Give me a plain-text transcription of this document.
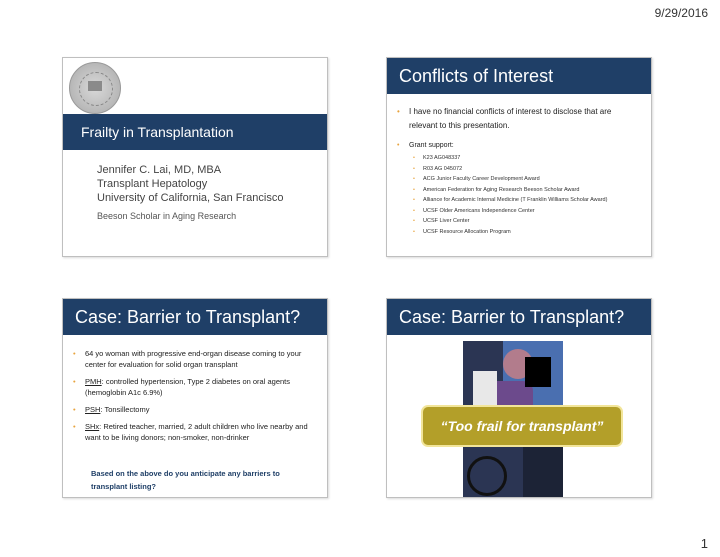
9/29/2016
Frailty in Transplantation
Jennifer C. Lai, MD, MBA
Transplant Hepatology
University of California, San Francisco
Beeson Scholar in Aging Research
Conflicts of Interest
• I have no financial conflicts of interest to disclose that are relevant to this presentation.
• Grant support:
• K23 AG048337
• R03 AG 045072
• ACG Junior Faculty Career Development Award
• American Federation for Aging Research Beeson Scholar Award
• Alliance for Academic Internal Medicine (T Franklin Williams Scholar Award)
• UCSF Older Americans Independence Center
• UCSF Liver Center
• UCSF Resource Allocation Program
Case: Barrier to Transplant?
• 64 yo woman with progressive end-organ disease coming to your center for evaluation for solid organ transplant
• PMH: controlled hypertension, Type 2 diabetes on oral agents (hemoglobin A1c 6.9%)
• PSH: Tonsillectomy
• SHx: Retired teacher, married, 2 adult children who live nearby and want to be living donors; non-smoker, non-drinker
Based on the above do you anticipate any barriers to transplant listing?
Case: Barrier to Transplant?
“Too frail for transplant”
1
